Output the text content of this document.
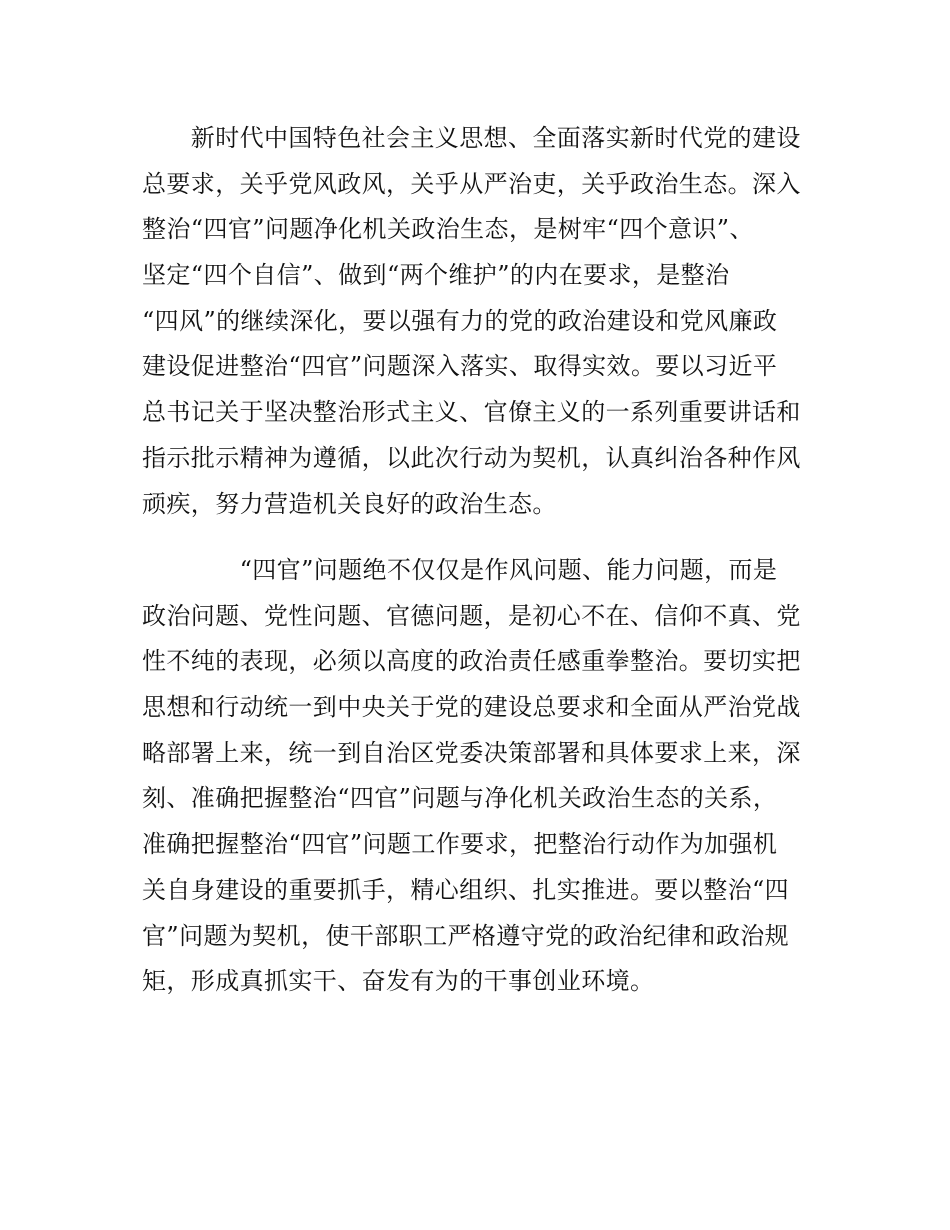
　　新时代中国特色社会主义思想、全面落实新时代党的建设
总要求，关乎党风政风，关乎从严治吏，关乎政治生态。深入
整治“四官”问题净化机关政治生态，是树牢“四个意识”、
坚定“四个自信”、做到“两个维护”的内在要求，是整治
“四风”的继续深化，要以强有力的党的政治建设和党风廉政
建设促进整治“四官”问题深入落实、取得实效。要以习近平
总书记关于坚决整治形式主义、官僚主义的一系列重要讲话和
指示批示精神为遵循，以此次行动为契机，认真纠治各种作风
顽疾，努力营造机关良好的政治生态。
　　　　“四官”问题绝不仅仅是作风问题、能力问题，而是
政治问题、党性问题、官德问题，是初心不在、信仰不真、党
性不纯的表现，必须以高度的政治责任感重拳整治。要切实把
思想和行动统一到中央关于党的建设总要求和全面从严治党战
略部署上来，统一到自治区党委决策部署和具体要求上来，深
刻、准确把握整治“四官”问题与净化机关政治生态的关系，
准确把握整治“四官”问题工作要求，把整治行动作为加强机
关自身建设的重要抓手，精心组织、扎实推进。要以整治“四
官”问题为契机，使干部职工严格遵守党的政治纪律和政治规
矩，形成真抓实干、奋发有为的干事创业环境。
